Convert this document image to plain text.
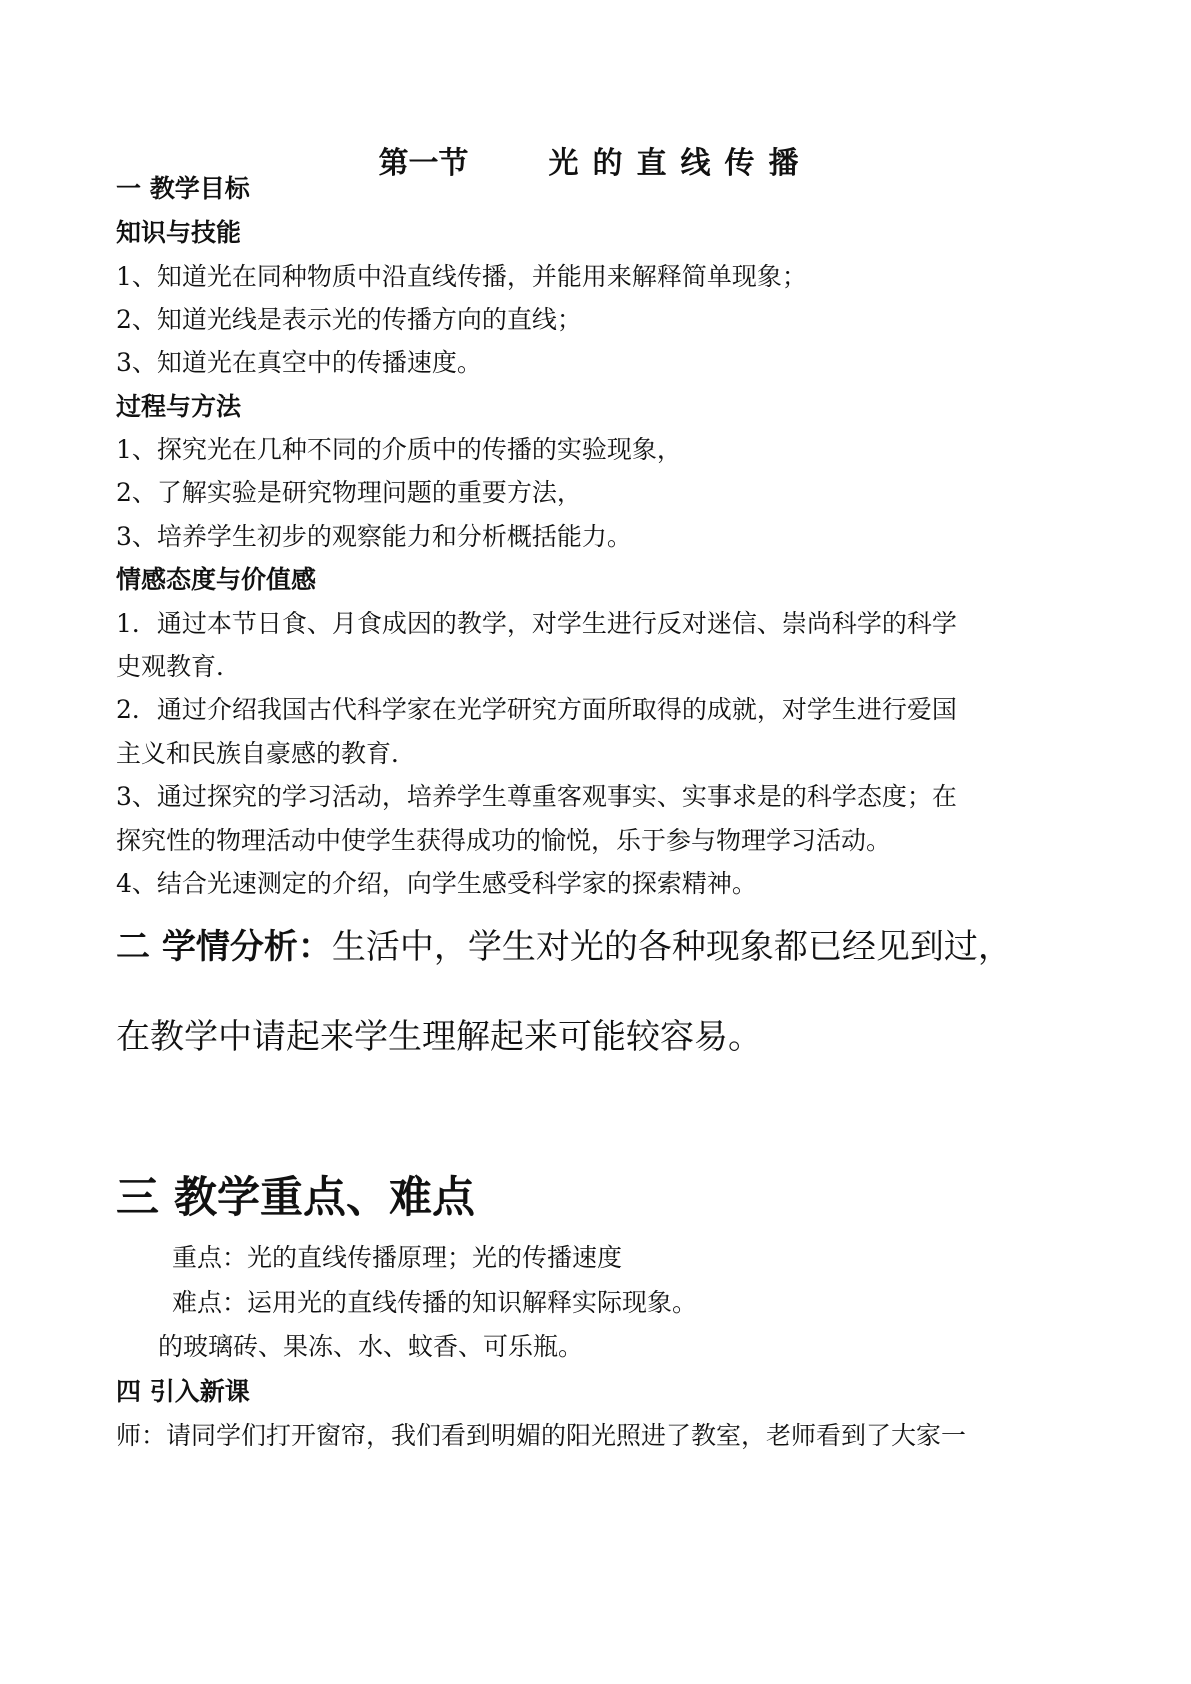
第一节	光的直线传播
一 教学目标
知识与技能
1、知道光在同种物质中沿直线传播，并能用来解释简单现象；
2、知道光线是表示光的传播方向的直线；
3、知道光在真空中的传播速度。
过程与方法
1、探究光在几种不同的介质中的传播的实验现象，
2、了解实验是研究物理问题的重要方法，
3、培养学生初步的观察能力和分析概括能力。
情感态度与价值感
1．通过本节日食、月食成因的教学，对学生进行反对迷信、崇尚科学的科学
史观教育．
2．通过介绍我国古代科学家在光学研究方面所取得的成就，对学生进行爱国
主义和民族自豪感的教育．
3、通过探究的学习活动，培养学生尊重客观事实、实事求是的科学态度；在
探究性的物理活动中使学生获得成功的愉悦，乐于参与物理学习活动。
4、结合光速测定的介绍，向学生感受科学家的探索精神。
二 学情分析：生活中，学生对光的各种现象都已经见到过，
在教学中请起来学生理解起来可能较容易。
三 教学重点、难点
重点：光的直线传播原理；光的传播速度
难点：运用光的直线传播的知识解释实际现象。
的玻璃砖、果冻、水、蚊香、可乐瓶。
四 引入新课
师：请同学们打开窗帘，我们看到明媚的阳光照进了教室，老师看到了大家一
